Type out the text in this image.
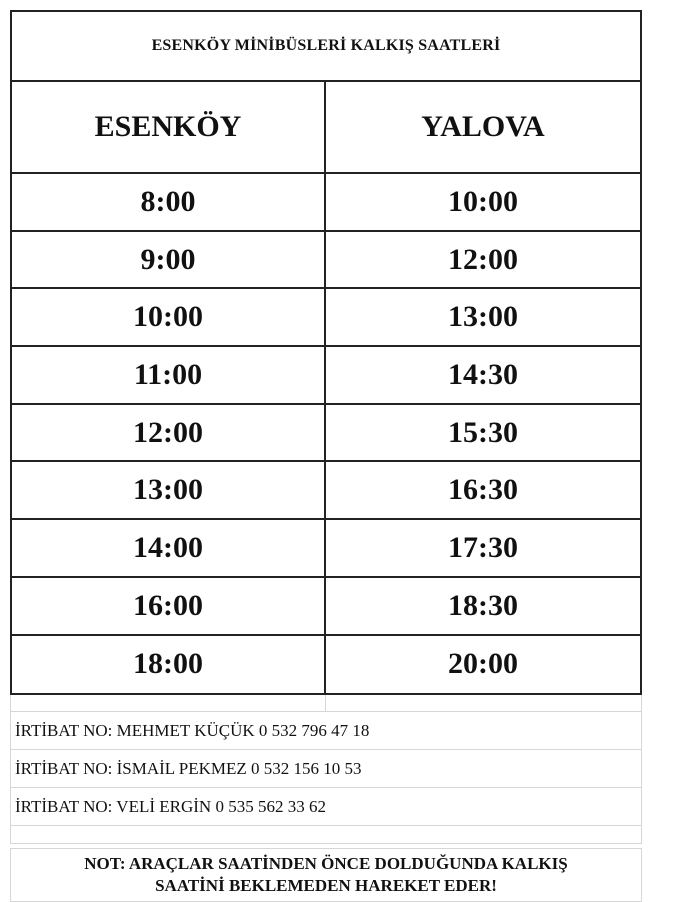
ESENKÖY MİNİBÜSLERİ KALKIŞ SAATLERİ
ESENKÖY	YALOVA
8:00	10:00
9:00	12:00
10:00	13:00
11:00	14:30
12:00	15:30
13:00	16:30
14:00	17:30
16:00	18:30
18:00	20:00
İRTİBAT NO: MEHMET KÜÇÜK 0 532 796 47 18
İRTİBAT NO: İSMAİL PEKMEZ 0 532 156 10 53
İRTİBAT NO: VELİ ERGİN 0 535 562 33 62
NOT: ARAÇLAR SAATİNDEN ÖNCE DOLDUĞUNDA KALKIŞ
SAATİNİ BEKLEMEDEN HAREKET EDER!
